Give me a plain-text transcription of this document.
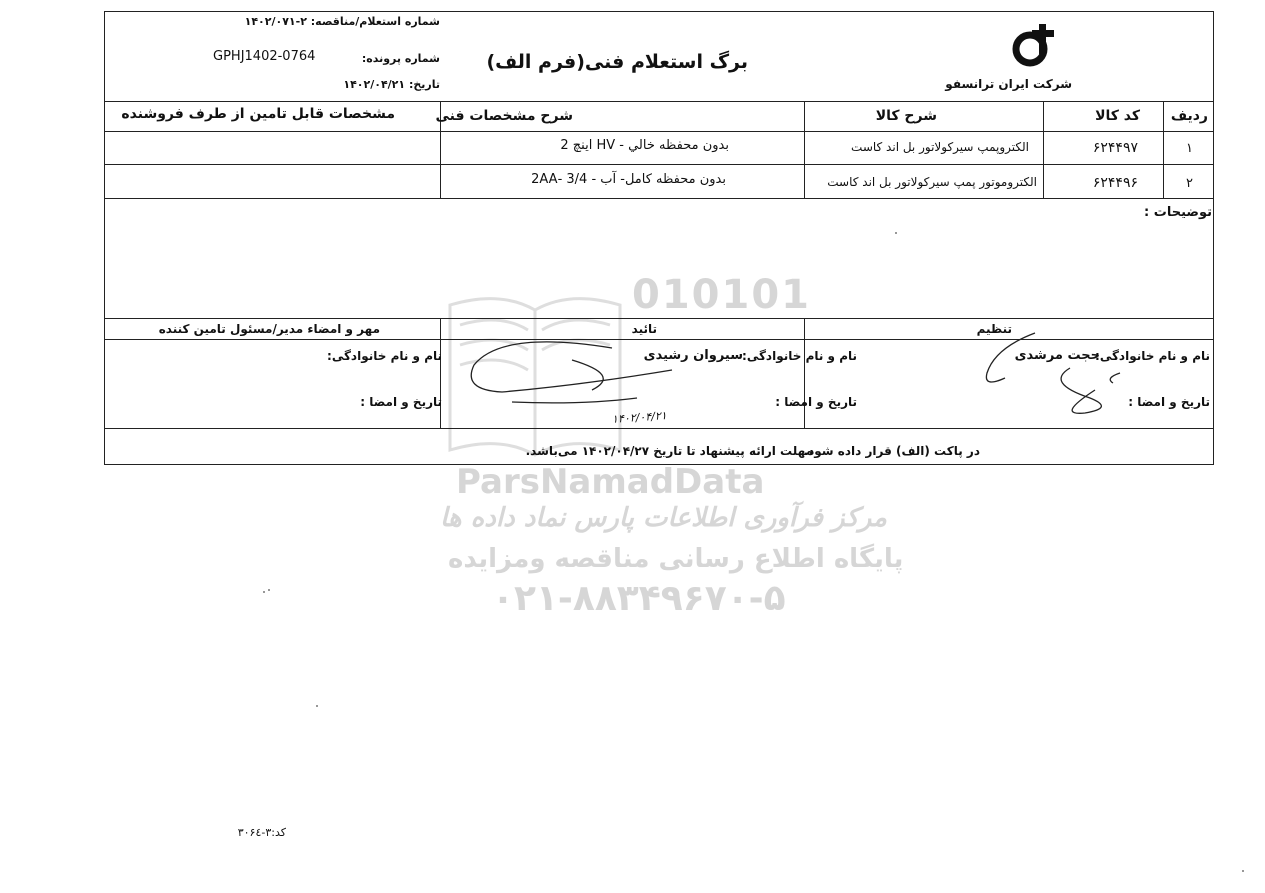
010101
ParsNamadData
مرکز فرآوری اطلاعات پارس نماد داده ها
پایگاه اطلاع رسانی مناقصه ومزایده
۰۲۱-۸۸۳۴۹۶۷۰-۵
شماره استعلام/مناقصه: ۲-۱۴۰۲/۰۷۱
شماره پرونده:
GPHJ1402-0764
تاریخ: ۱۴۰۲/۰۴/۲۱
برگ استعلام فنی(فرم الف)
شرکت ایران ترانسفو
ردیف
کد کالا
شرح کالا
شرح مشخصات فنی
مشخصات قابل تامین از طرف فروشنده
۱
۶۲۴۴۹۷
الکتروپمپ سیرکولاتور بل اند کاست
بدون محفظه خالي - HV اینچ 2
۲
۶۲۴۴۹۶
الکتروموتور پمپ سیرکولاتور بل اند کاست
بدون محفظه کامل- آب - 3/4 -2AA
توضیحات :
تنظیم
تائید
مهر و امضاء مدیر/مسئول تامین کننده
نام و نام خانوادگی:
حجت مرشدی
تاریخ و امضا :
نام و نام خانوادگی:
سیروان رشیدی
تاریخ و امضا :
۱۴۰۲/۰۴/۲۱
نام و نام خانوادگی:
تاریخ و امضا :
در پاکت (الف) قرار داده شود.
مهلت ارائه پیشنهاد تا تاریخ ۱۴۰۲/۰۴/۲۷ می‌باشد.
کد:۳-۳۰۶٤
